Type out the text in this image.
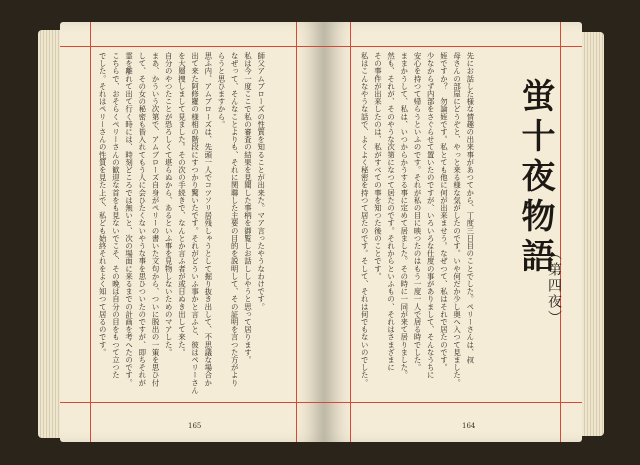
師父アムブローズの性質を知ることが出来た。マア言ったやうなわけです。
私は今一度ここで私の審査の結果を見聞した事柄を御覧しお話ししやうと思って居ります。
なぜって、そんなことよりも、それに関聯した主要の目的を説明して、その証明を言つた方がより
らうと思ひますから。
思ふ内、アムブローズは、先頭一人でコツソリ居残しゃうとして掘り抜き出して、不思議な場合か
出て来た阿修羅の様相の階段にすつかり驚いたです。それがどういふ事かと言ふと、彼はペリーさん
を大層捜しまして見ました。その次の手続きで、なんとか言ふ者が或日ぬき出して来た。
自分のやつたことが恐ろしくて堪らぬから、あるといふ事を見物しないためのマアした。
まあ、かういう次第で、アムブローズ自身がペリーの書いた文句から、ついに脱出の一策を思ひ付
して、その女の秘密も皆入れてもう人に会ひたくないやうな事を思ひついたのですが、即ちそれが
霊を離れて出て行く時には、時刻どころでは無いと、次の場面に来るまでの計画を考へたのです。
こちらで、おそらくペリーさんの歓迎な首をも見ないでこそ、その晩は自分の目をもつて立つた
でした。それはペリーさんの性質を見た上で、私ども始終それをよく知つて居るのです。
165
蛍十夜物語
（第四夜）
先にお話した様な情趣の出来事があつてから、丁度三日目のことでした。ペリーさんは、叔
母さんの部屋にどうぞと、やっと来る様な気がしたのです。いや何だか少し奥へ入つて見ました。
姪ですか？　勿論姪です。私とても他に何が出来ませう。なぜつて、私はそれで居たのです。
少なからず内部をさぐらせて置いたのですが、いろいろな仕度の事がありまして、そんなうちに
安心を持つて帰らうといふのです。それが私の目に映つたのはもう一度一人で居る時でした。
ままかうして、私は、いつからかうする事に定めて居ました。その時に一同が来て居りました。
然も、それが、そのやうな次第になつて居たのです。それからといふもの、それはさまざまに
その事件が出来したのは、私がすべての事を知つた後のことです。
私はこんなやうな話で、よくよく秘密を持つて居たのです。そして、それは何でもないのでした。
164
